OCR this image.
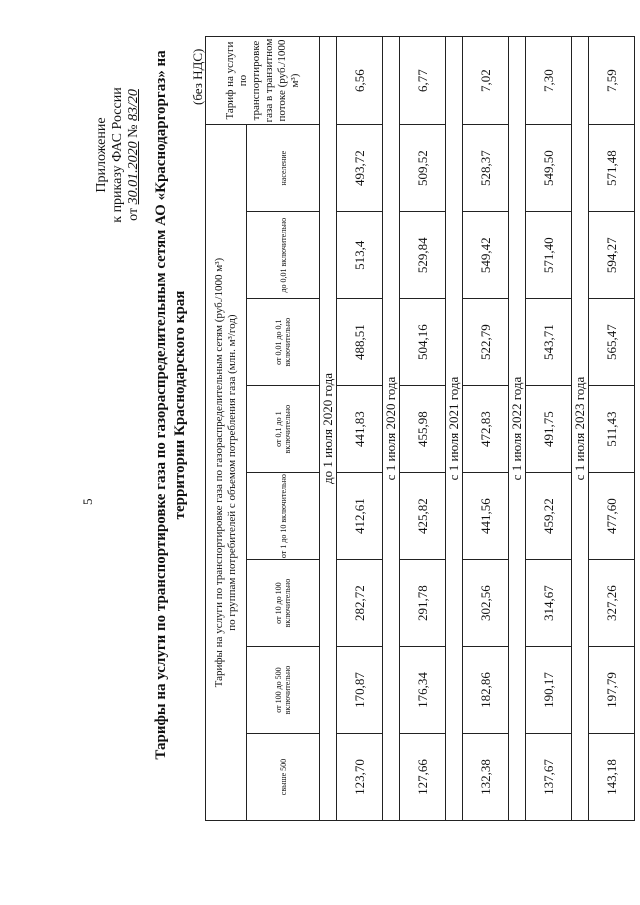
5
Приложение к приказу ФАС России от 30.01.2020 № 83/20 Тарифы на услуги по транспортировке газа по газораспределительным сетям АО «Краснодаргоргаз» на территории Краснодарского края
(без НДС)
Тарифы на услуги по транспортировке газа по газораспределительным сетям (руб./1000 м³) по группам потребителей с объемом потребления газа (млн. м³/год)								Тариф на услуги по транспортировке газа в транзитном потоке (руб./1000 м³)
свыше 500	от 100 до 500 включительно	от 10 до 100 включительно	от 1 до 10 включительно	от 0,1 до 1 включительно	от 0,01 до 0,1 включительно	до 0,01 включительно	население	
до 1 июля 2020 года								
123,70	170,87	282,72	412,61	441,83	488,51	513,4	493,72	6,56
с 1 июля 2020 года								
127,66	176,34	291,78	425,82	455,98	504,16	529,84	509,52	6,77
с 1 июля 2021 года								
132,38	182,86	302,56	441,56	472,83	522,79	549,42	528,37	7,02
с 1 июля 2022 года								
137,67	190,17	314,67	459,22	491,75	543,71	571,40	549,50	7,30
с 1 июля 2023 года								
143,18	197,79	327,26	477,60	511,43	565,47	594,27	571,48	7,59
